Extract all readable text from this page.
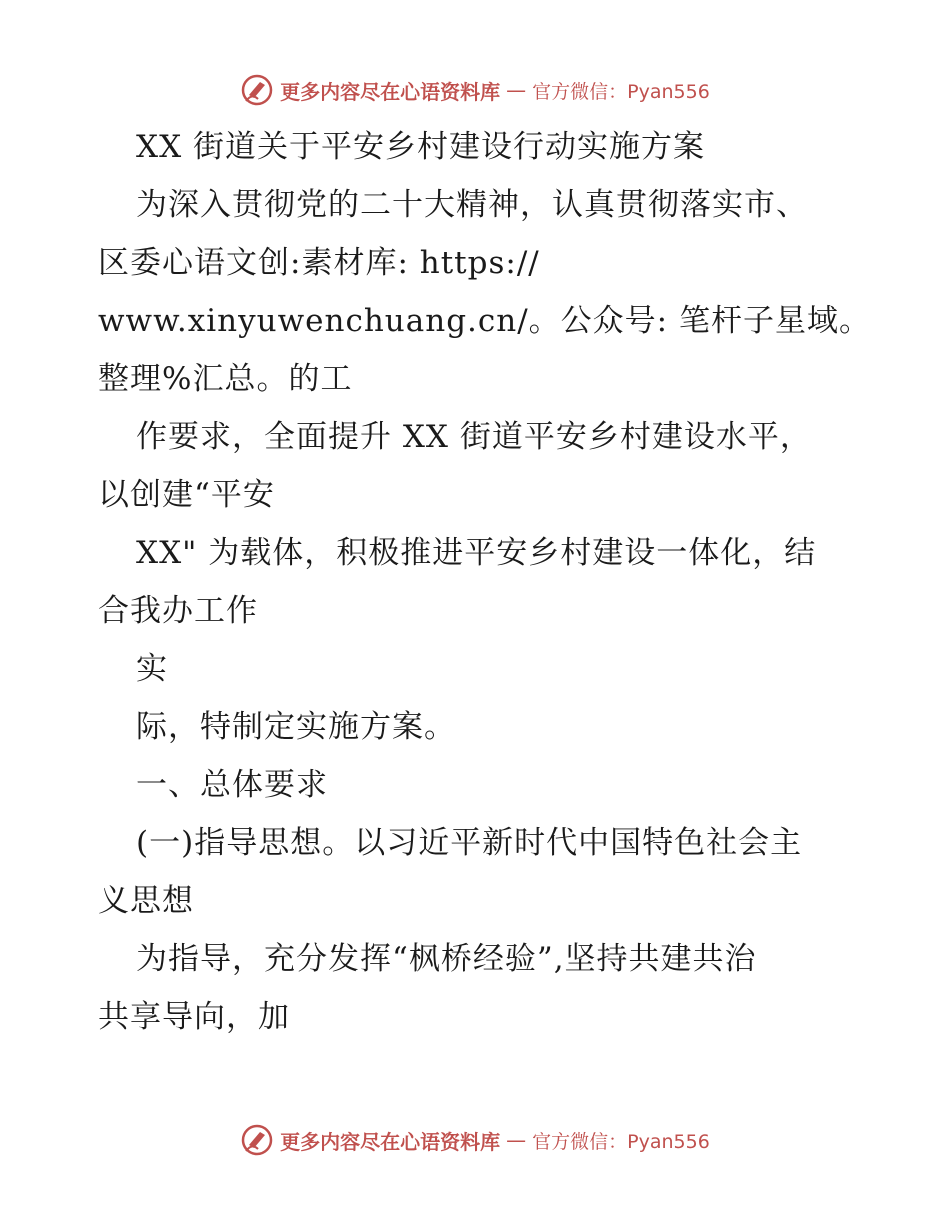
更多内容尽在心语资料库 — 官方微信：Pyan556
XX 街道关于平安乡村建设行动实施方案
为深入贯彻党的二十大精神，认真贯彻落实市、
区委心语文创:素材库: https://
www.xinyuwenchuang.cn/。公众号: 笔杆子星域。
整理%汇总。的工
作要求，全面提升 XX 街道平安乡村建设水平，
以创建“平安
XX" 为载体，积极推进平安乡村建设一体化，结
合我办工作
实
际，特制定实施方案。
一、总体要求
(一)指导思想。以习近平新时代中国特色社会主
义思想
为指导，充分发挥“枫桥经验”,坚持共建共治
共享导向，加
更多内容尽在心语资料库 — 官方微信：Pyan556
